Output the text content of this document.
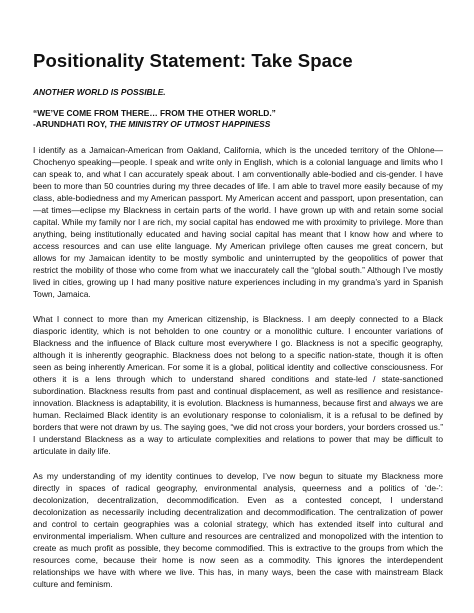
Positionality Statement: Take Space

ANOTHER WORLD IS POSSIBLE.

“WE’VE COME FROM THERE… FROM THE OTHER WORLD.”

-ARUNDHATI ROY, THE MINISTRY OF UTMOST HAPPINESS

I identify as a Jamaican-American from Oakland, California, which is the unceded territory of the Ohlone—Chochenyo speaking—people. I speak and write only in English, which is a colonial language and limits who I can speak to, and what I can accurately speak about. I am conventionally able-bodied and cis-gender. I have been to more than 50 countries during my three decades of life. I am able to travel more easily because of my class, able-bodiedness and my American passport. My American accent and passport, upon presentation, can—at times—eclipse my Blackness in certain parts of the world. I have grown up with and retain some social capital. While my family nor I are rich, my social capital has endowed me with proximity to privilege. More than anything, being institutionally educated and having social capital has meant that I know how and where to access resources and can use elite language. My American privilege often causes me great concern, but allows for my Jamaican identity to be mostly symbolic and uninterrupted by the geopolitics of power that restrict the mobility of those who come from what we inaccurately call the “global south.” Although I’ve mostly lived in cities, growing up I had many positive nature experiences including in my grandma’s yard in Spanish Town, Jamaica.

What I connect to more than my American citizenship, is Blackness. I am deeply connected to a Black diasporic identity, which is not beholden to one country or a monolithic culture. I encounter variations of Blackness and the influence of Black culture most everywhere I go. Blackness is not a specific geography, although it is inherently geographic. Blackness does not belong to a specific nation-state, though it is often seen as being inherently American. For some it is a global, political identity and collective consciousness. For others it is a lens through which to understand shared conditions and state-led / state-sanctioned subordination. Blackness results from past and continual displacement, as well as resilience and resistance-innovation. Blackness is adaptability, it is evolution. Blackness is humanness, because first and always we are human. Reclaimed Black identity is an evolutionary response to colonialism, it is a refusal to be defined by borders that were not drawn by us. The saying goes, “we did not cross your borders, your borders crossed us.” I understand Blackness as a way to articulate complexities and relations to power that may be difficult to articulate in daily life.

As my understanding of my identity continues to develop, I’ve now begun to situate my Blackness more directly in spaces of radical geography, environmental analysis, queerness and a politics of ‘de-’: decolonization, decentralization, decommodification. Even as a contested concept, I understand decolonization as necessarily including decentralization and decommodification. The centralization of power and control to certain geographies was a colonial strategy, which has extended itself into cultural and environmental imperialism. When culture and resources are centralized and monopolized with the intention to create as much profit as possible, they become commodified. This is extractive to the groups from which the resources come, because their home is now seen as a commodity. This ignores the interdependent relationships we have with where we live. This has, in many ways, been the case with mainstream Black culture and feminism.
